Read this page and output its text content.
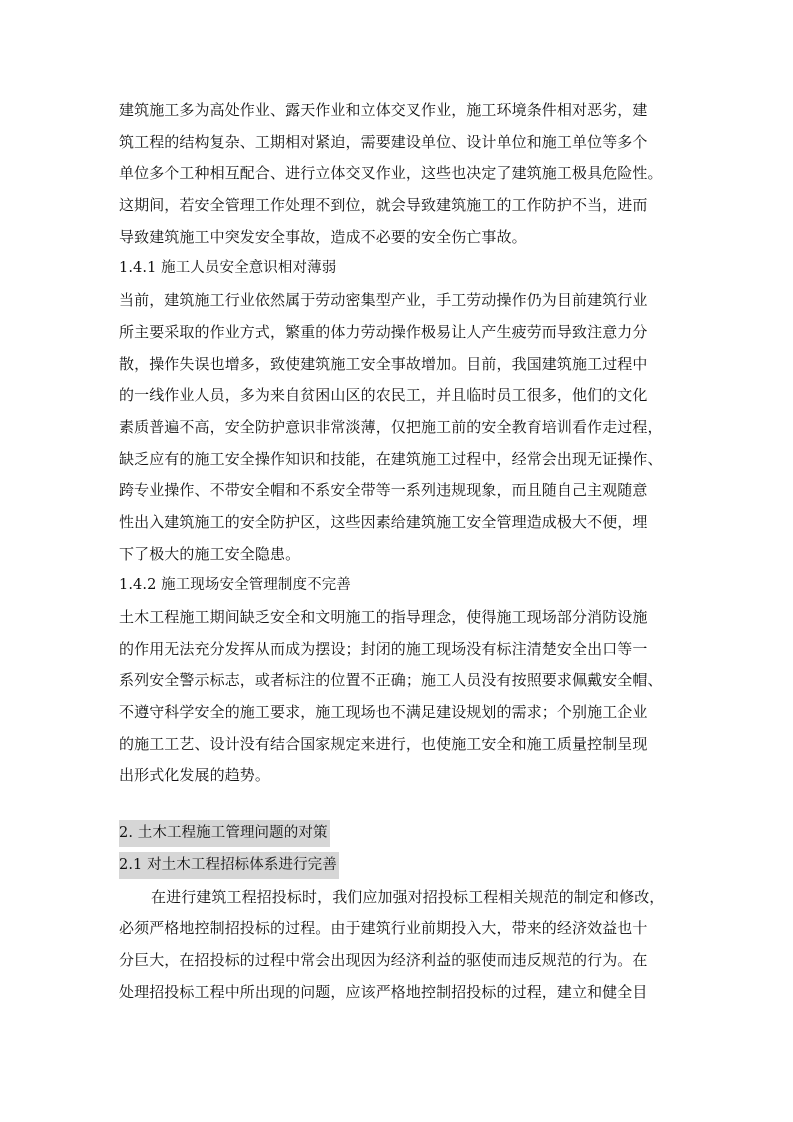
建筑施工多为高处作业、露天作业和立体交叉作业，施工环境条件相对恶劣，建
筑工程的结构复杂、工期相对紧迫，需要建设单位、设计单位和施工单位等多个
单位多个工种相互配合、进行立体交叉作业，这些也决定了建筑施工极具危险性。
这期间，若安全管理工作处理不到位，就会导致建筑施工的工作防护不当，进而
导致建筑施工中突发安全事故，造成不必要的安全伤亡事故。
1.4.1 施工人员安全意识相对薄弱
当前，建筑施工行业依然属于劳动密集型产业，手工劳动操作仍为目前建筑行业
所主要采取的作业方式，繁重的体力劳动操作极易让人产生疲劳而导致注意力分
散，操作失误也增多，致使建筑施工安全事故增加。目前，我国建筑施工过程中
的一线作业人员，多为来自贫困山区的农民工，并且临时员工很多，他们的文化
素质普遍不高，安全防护意识非常淡薄，仅把施工前的安全教育培训看作走过程，
缺乏应有的施工安全操作知识和技能，在建筑施工过程中，经常会出现无证操作、
跨专业操作、不带安全帽和不系安全带等一系列违规现象，而且随自己主观随意
性出入建筑施工的安全防护区，这些因素给建筑施工安全管理造成极大不便，埋
下了极大的施工安全隐患。
1.4.2 施工现场安全管理制度不完善
土木工程施工期间缺乏安全和文明施工的指导理念，使得施工现场部分消防设施
的作用无法充分发挥从而成为摆设；封闭的施工现场没有标注清楚安全出口等一
系列安全警示标志，或者标注的位置不正确；施工人员没有按照要求佩戴安全帽、
不遵守科学安全的施工要求，施工现场也不满足建设规划的需求；个别施工企业
的施工工艺、设计没有结合国家规定来进行，也使施工安全和施工质量控制呈现
出形式化发展的趋势。
2. 土木工程施工管理问题的对策
2.1 对土木工程招标体系进行完善
在进行建筑工程招投标时，我们应加强对招投标工程相关规范的制定和修改，
必须严格地控制招投标的过程。由于建筑行业前期投入大，带来的经济效益也十
分巨大，在招投标的过程中常会出现因为经济利益的驱使而违反规范的行为。在
处理招投标工程中所出现的问题，应该严格地控制招投标的过程，建立和健全目
